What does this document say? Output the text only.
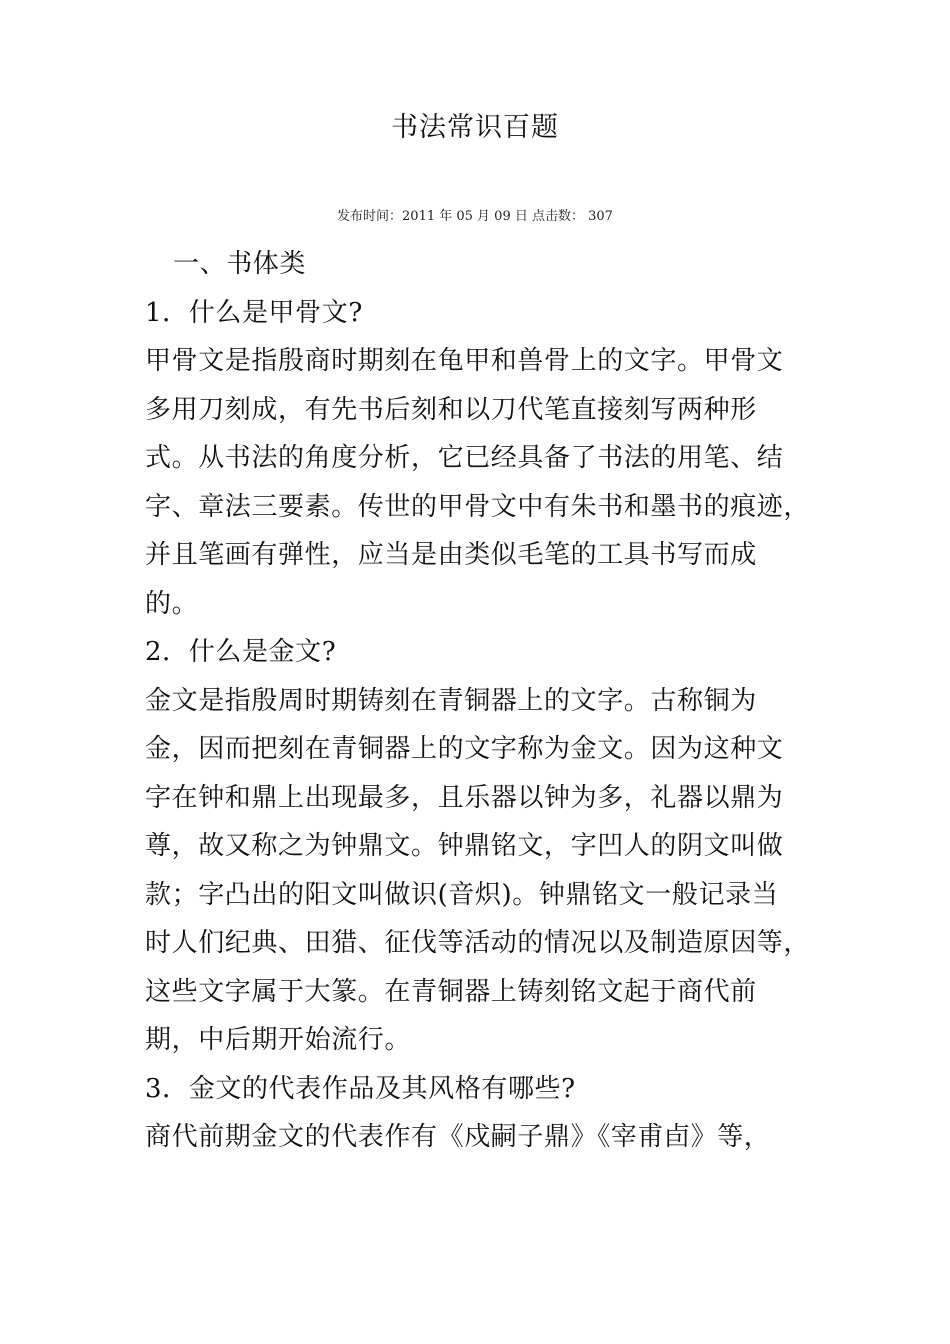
书法常识百题
发布时间：2011 年 05 月 09 日 点击数： 307
一、书体类
1．什么是甲骨文?
甲骨文是指殷商时期刻在龟甲和兽骨上的文字。甲骨文
多用刀刻成，有先书后刻和以刀代笔直接刻写两种形
式。从书法的角度分析，它已经具备了书法的用笔、结
字、章法三要素。传世的甲骨文中有朱书和墨书的痕迹，
并且笔画有弹性，应当是由类似毛笔的工具书写而成
的。
2．什么是金文?
金文是指殷周时期铸刻在青铜器上的文字。古称铜为
金，因而把刻在青铜器上的文字称为金文。因为这种文
字在钟和鼎上出现最多，且乐器以钟为多，礼器以鼎为
尊，故又称之为钟鼎文。钟鼎铭文，字凹人的阴文叫做
款；字凸出的阳文叫做识(音炽)。钟鼎铭文一般记录当
时人们纪典、田猎、征伐等活动的情况以及制造原因等，
这些文字属于大篆。在青铜器上铸刻铭文起于商代前
期，中后期开始流行。
3．金文的代表作品及其风格有哪些?
商代前期金文的代表作有《戍嗣子鼎》《宰甫卣》等，
